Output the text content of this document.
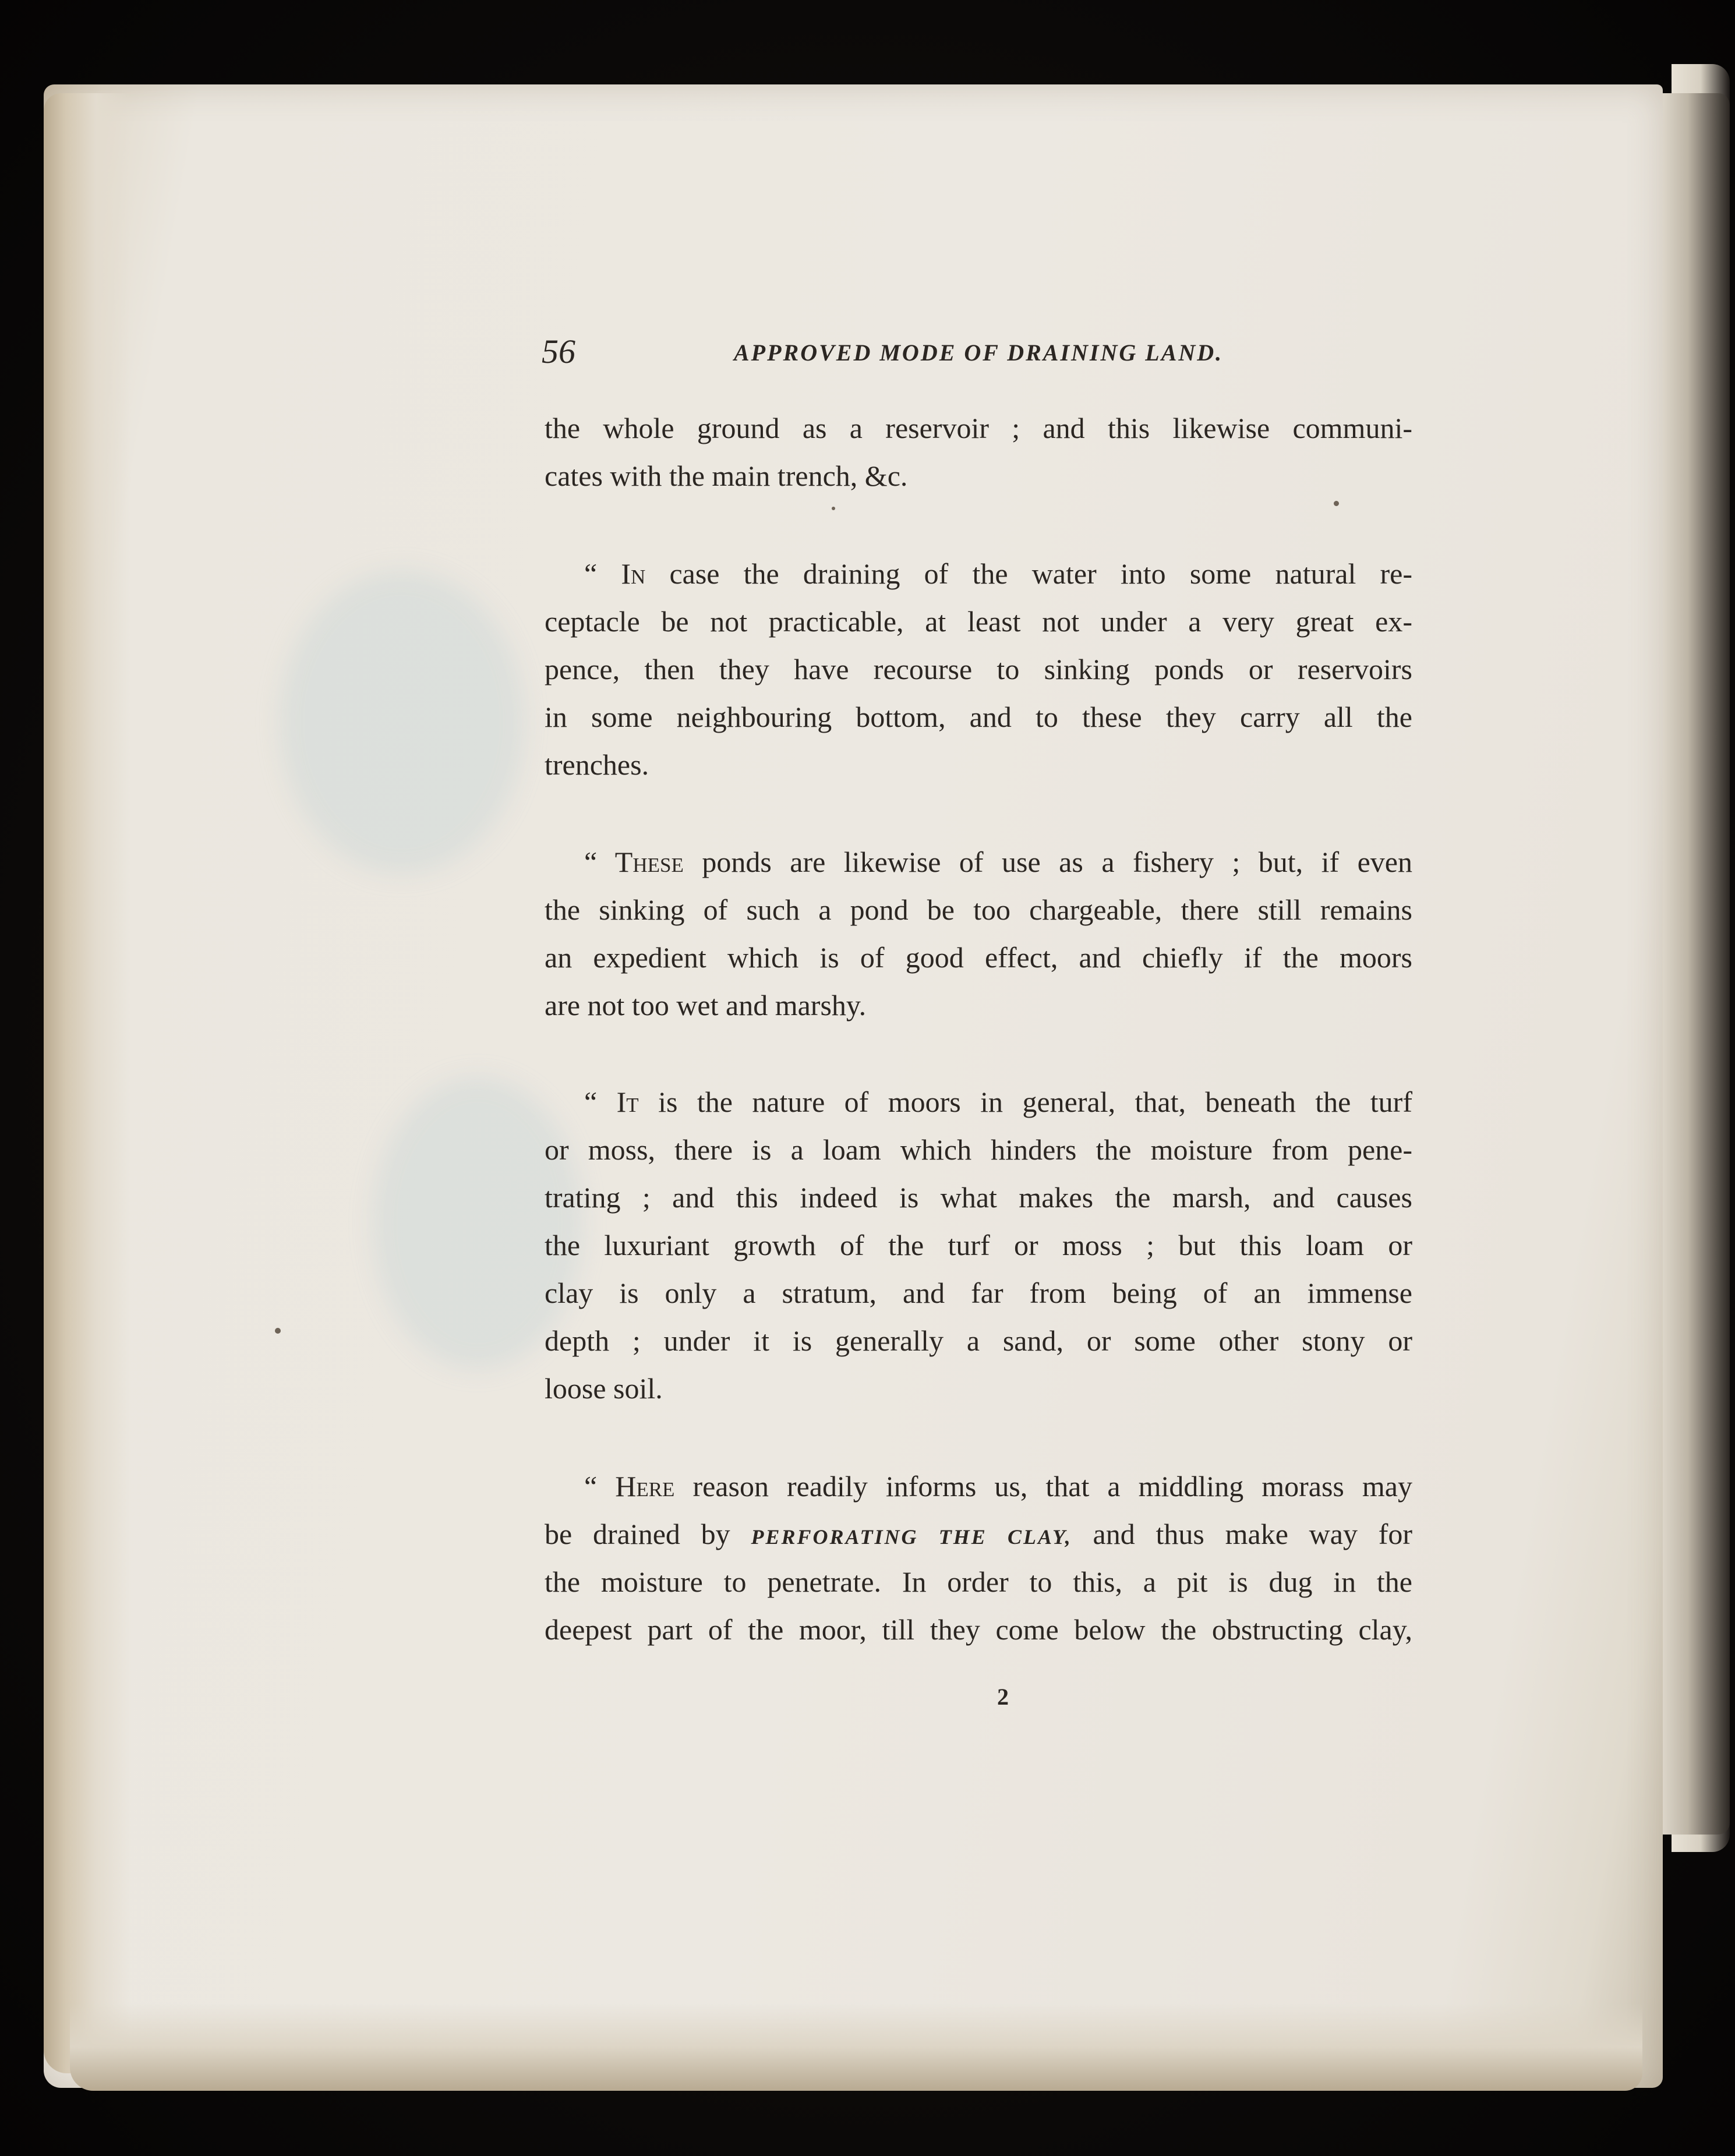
56	APPROVED MODE OF DRAINING LAND.
the whole ground as a reservoir ; and this likewise communi-
cates with the main trench, &c.
“ In case the draining of the water into some natural re-
ceptacle be not practicable, at least not under a very great ex-
pence, then they have recourse to sinking ponds or reservoirs
in some neighbouring bottom, and to these they carry all the
trenches.
“ These ponds are likewise of use as a fishery ; but, if even
the sinking of such a pond be too chargeable, there still remains
an expedient which is of good effect, and chiefly if the moors
are not too wet and marshy.
“ It is the nature of moors in general, that, beneath the turf
or moss, there is a loam which hinders the moisture from pene-
trating ; and this indeed is what makes the marsh, and causes
the luxuriant growth of the turf or moss ; but this loam or
clay is only a stratum, and far from being of an immense
depth ; under it is generally a sand, or some other stony or
loose soil.
“ Here reason readily informs us, that a middling morass may
be drained by PERFORATING THE CLAY, and thus make way for
the moisture to penetrate. In order to this, a pit is dug in the
deepest part of the moor, till they come below the obstructing clay,
2
